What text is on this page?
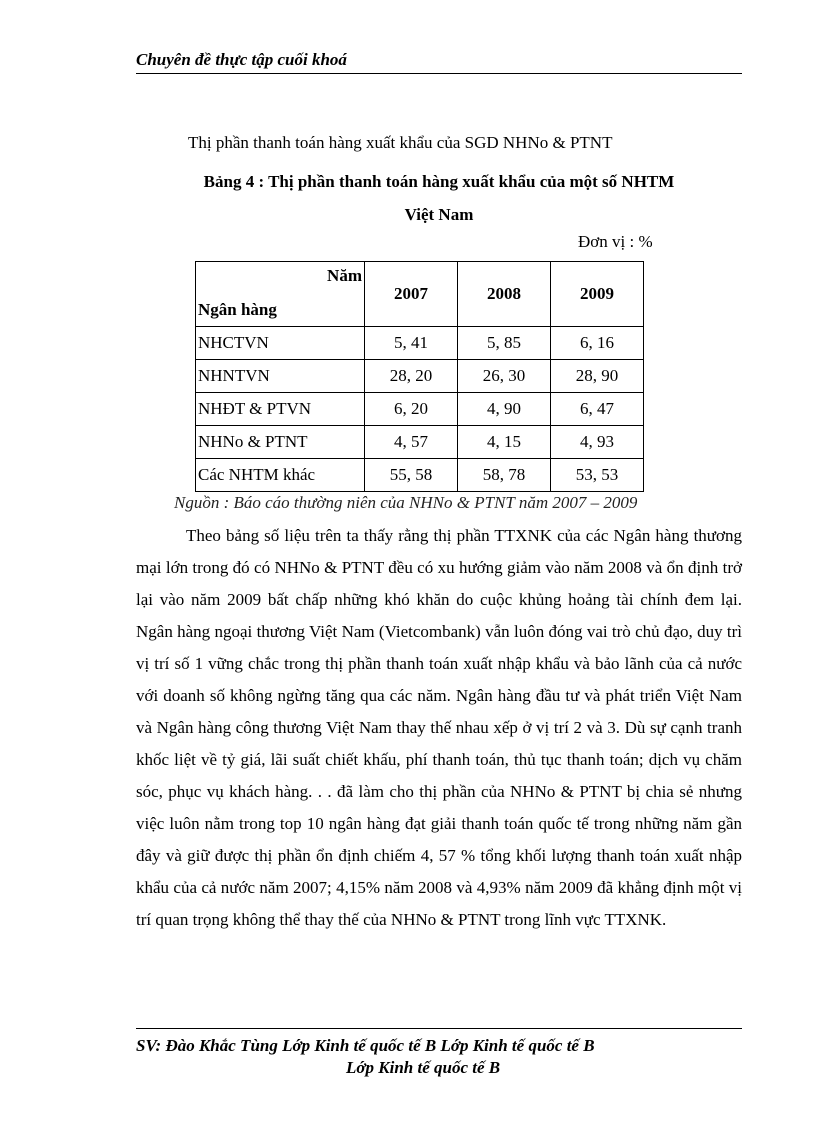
Chuyên đề thực tập cuối khoá
Thị phần thanh toán hàng xuất khẩu của SGD NHNo & PTNT
Bảng 4 : Thị phần thanh toán hàng xuất khẩu của một số NHTM
Việt Nam
Đơn vị : %
Năm
Ngân hàng	2007	2008	2009
NHCTVN	5, 41	5, 85	6, 16
NHNTVN	28, 20	26, 30	28, 90
NHĐT & PTVN	6, 20	4, 90	6, 47
NHNo & PTNT	4, 57	4, 15	4, 93
Các NHTM khác	55, 58	58, 78	53, 53
Nguồn : Báo cáo thường niên của NHNo & PTNT năm 2007 – 2009

Theo bảng số liệu trên ta thấy rằng thị phần TTXNK của các Ngân hàng thương mại lớn trong đó có NHNo & PTNT đều có xu hướng giảm vào năm 2008 và ổn định trở lại vào năm 2009 bất chấp những khó khăn do cuộc khủng hoảng tài chính đem lại. Ngân hàng ngoại thương Việt Nam (Vietcombank) vẫn luôn đóng vai trò chủ đạo, duy trì vị trí số 1 vững chắc trong thị phần thanh toán xuất nhập khẩu và bảo lãnh của cả nước với doanh số không ngừng tăng qua các năm. Ngân hàng đầu tư và phát triển Việt Nam và Ngân hàng công thương Việt Nam thay thế nhau xếp ở vị trí 2 và 3. Dù sự cạnh tranh khốc liệt về tỷ giá, lãi suất chiết khấu, phí thanh toán, thủ tục thanh toán; dịch vụ chăm sóc, phục vụ khách hàng. . . đã làm cho thị phần của NHNo & PTNT bị chia sẻ nhưng việc luôn nằm trong top 10 ngân hàng đạt giải thanh toán quốc tế trong những năm gần đây và giữ được thị phần ổn định chiếm 4, 57 % tổng khối lượng thanh toán xuất nhập khẩu của cả nước năm 2007; 4,15% năm 2008 và 4,93% năm 2009 đã khẳng định một vị trí quan trọng không thể thay thế của NHNo & PTNT trong lĩnh vực TTXNK.

SV: Đào Khắc Tùng Lớp Kinh tế quốc tế B Lớp Kinh tế quốc tế B
Lớp Kinh tế quốc tế B
